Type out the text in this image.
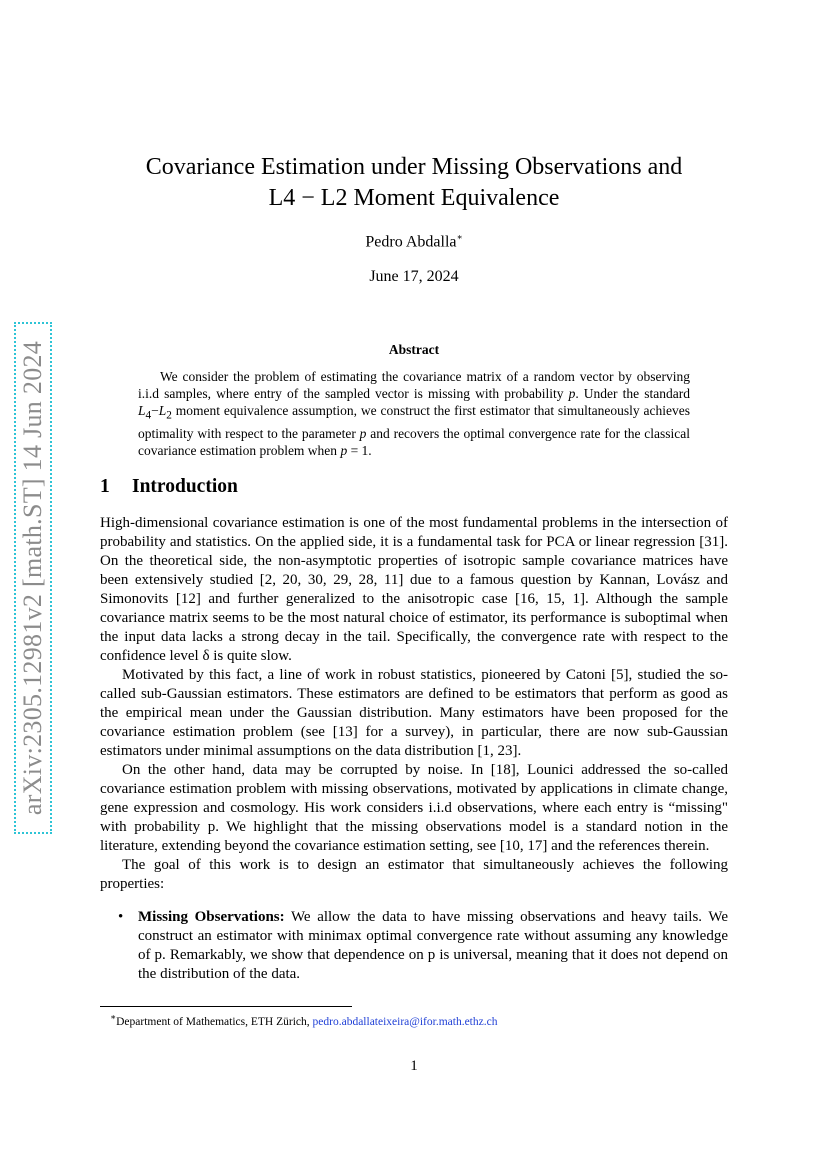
arXiv:2305.12981v2 [math.ST] 14 Jun 2024
Covariance Estimation under Missing Observations and
L4 − L2 Moment Equivalence
Pedro Abdalla∗
June 17, 2024
Abstract
We consider the problem of estimating the covariance matrix of a random vector by observing i.i.d samples, where entry of the sampled vector is missing with probability p. Under the standard $L_4-L_2$ moment equivalence assumption, we construct the first estimator that simultaneously achieves optimality with respect to the parameter p and recovers the optimal convergence rate for the classical covariance estimation problem when p = 1.
1 Introduction

High-dimensional covariance estimation is one of the most fundamental problems in the intersection of probability and statistics. On the applied side, it is a fundamental task for PCA or linear regression [31]. On the theoretical side, the non-asymptotic properties of isotropic sample covariance matrices have been extensively studied [2, 20, 30, 29, 28, 11] due to a famous question by Kannan, Lovász and Simonovits [12] and further generalized to the anisotropic case [16, 15, 1]. Although the sample covariance matrix seems to be the most natural choice of estimator, its performance is suboptimal when the input data lacks a strong decay in the tail. Specifically, the convergence rate with respect to the confidence level δ is quite slow.

Motivated by this fact, a line of work in robust statistics, pioneered by Catoni [5], studied the so-called sub-Gaussian estimators. These estimators are defined to be estimators that perform as good as the empirical mean under the Gaussian distribution. Many estimators have been proposed for the covariance estimation problem (see [13] for a survey), in particular, there are now sub-Gaussian estimators under minimal assumptions on the data distribution [1, 23].

On the other hand, data may be corrupted by noise. In [18], Lounici addressed the so-called covariance estimation problem with missing observations, motivated by applications in climate change, gene expression and cosmology. His work considers i.i.d observations, where each entry is “missing" with probability p. We highlight that the missing observations model is a standard notion in the literature, extending beyond the covariance estimation setting, see [10, 17] and the references therein.

The goal of this work is to design an estimator that simultaneously achieves the following properties:

• Missing Observations: We allow the data to have missing observations and heavy tails. We construct an estimator with minimax optimal convergence rate without assuming any knowledge of p. Remarkably, we show that dependence on p is universal, meaning that it does not depend on the distribution of the data.
∗Department of Mathematics, ETH Zürich, pedro.abdallateixeira@ifor.math.ethz.ch
1
